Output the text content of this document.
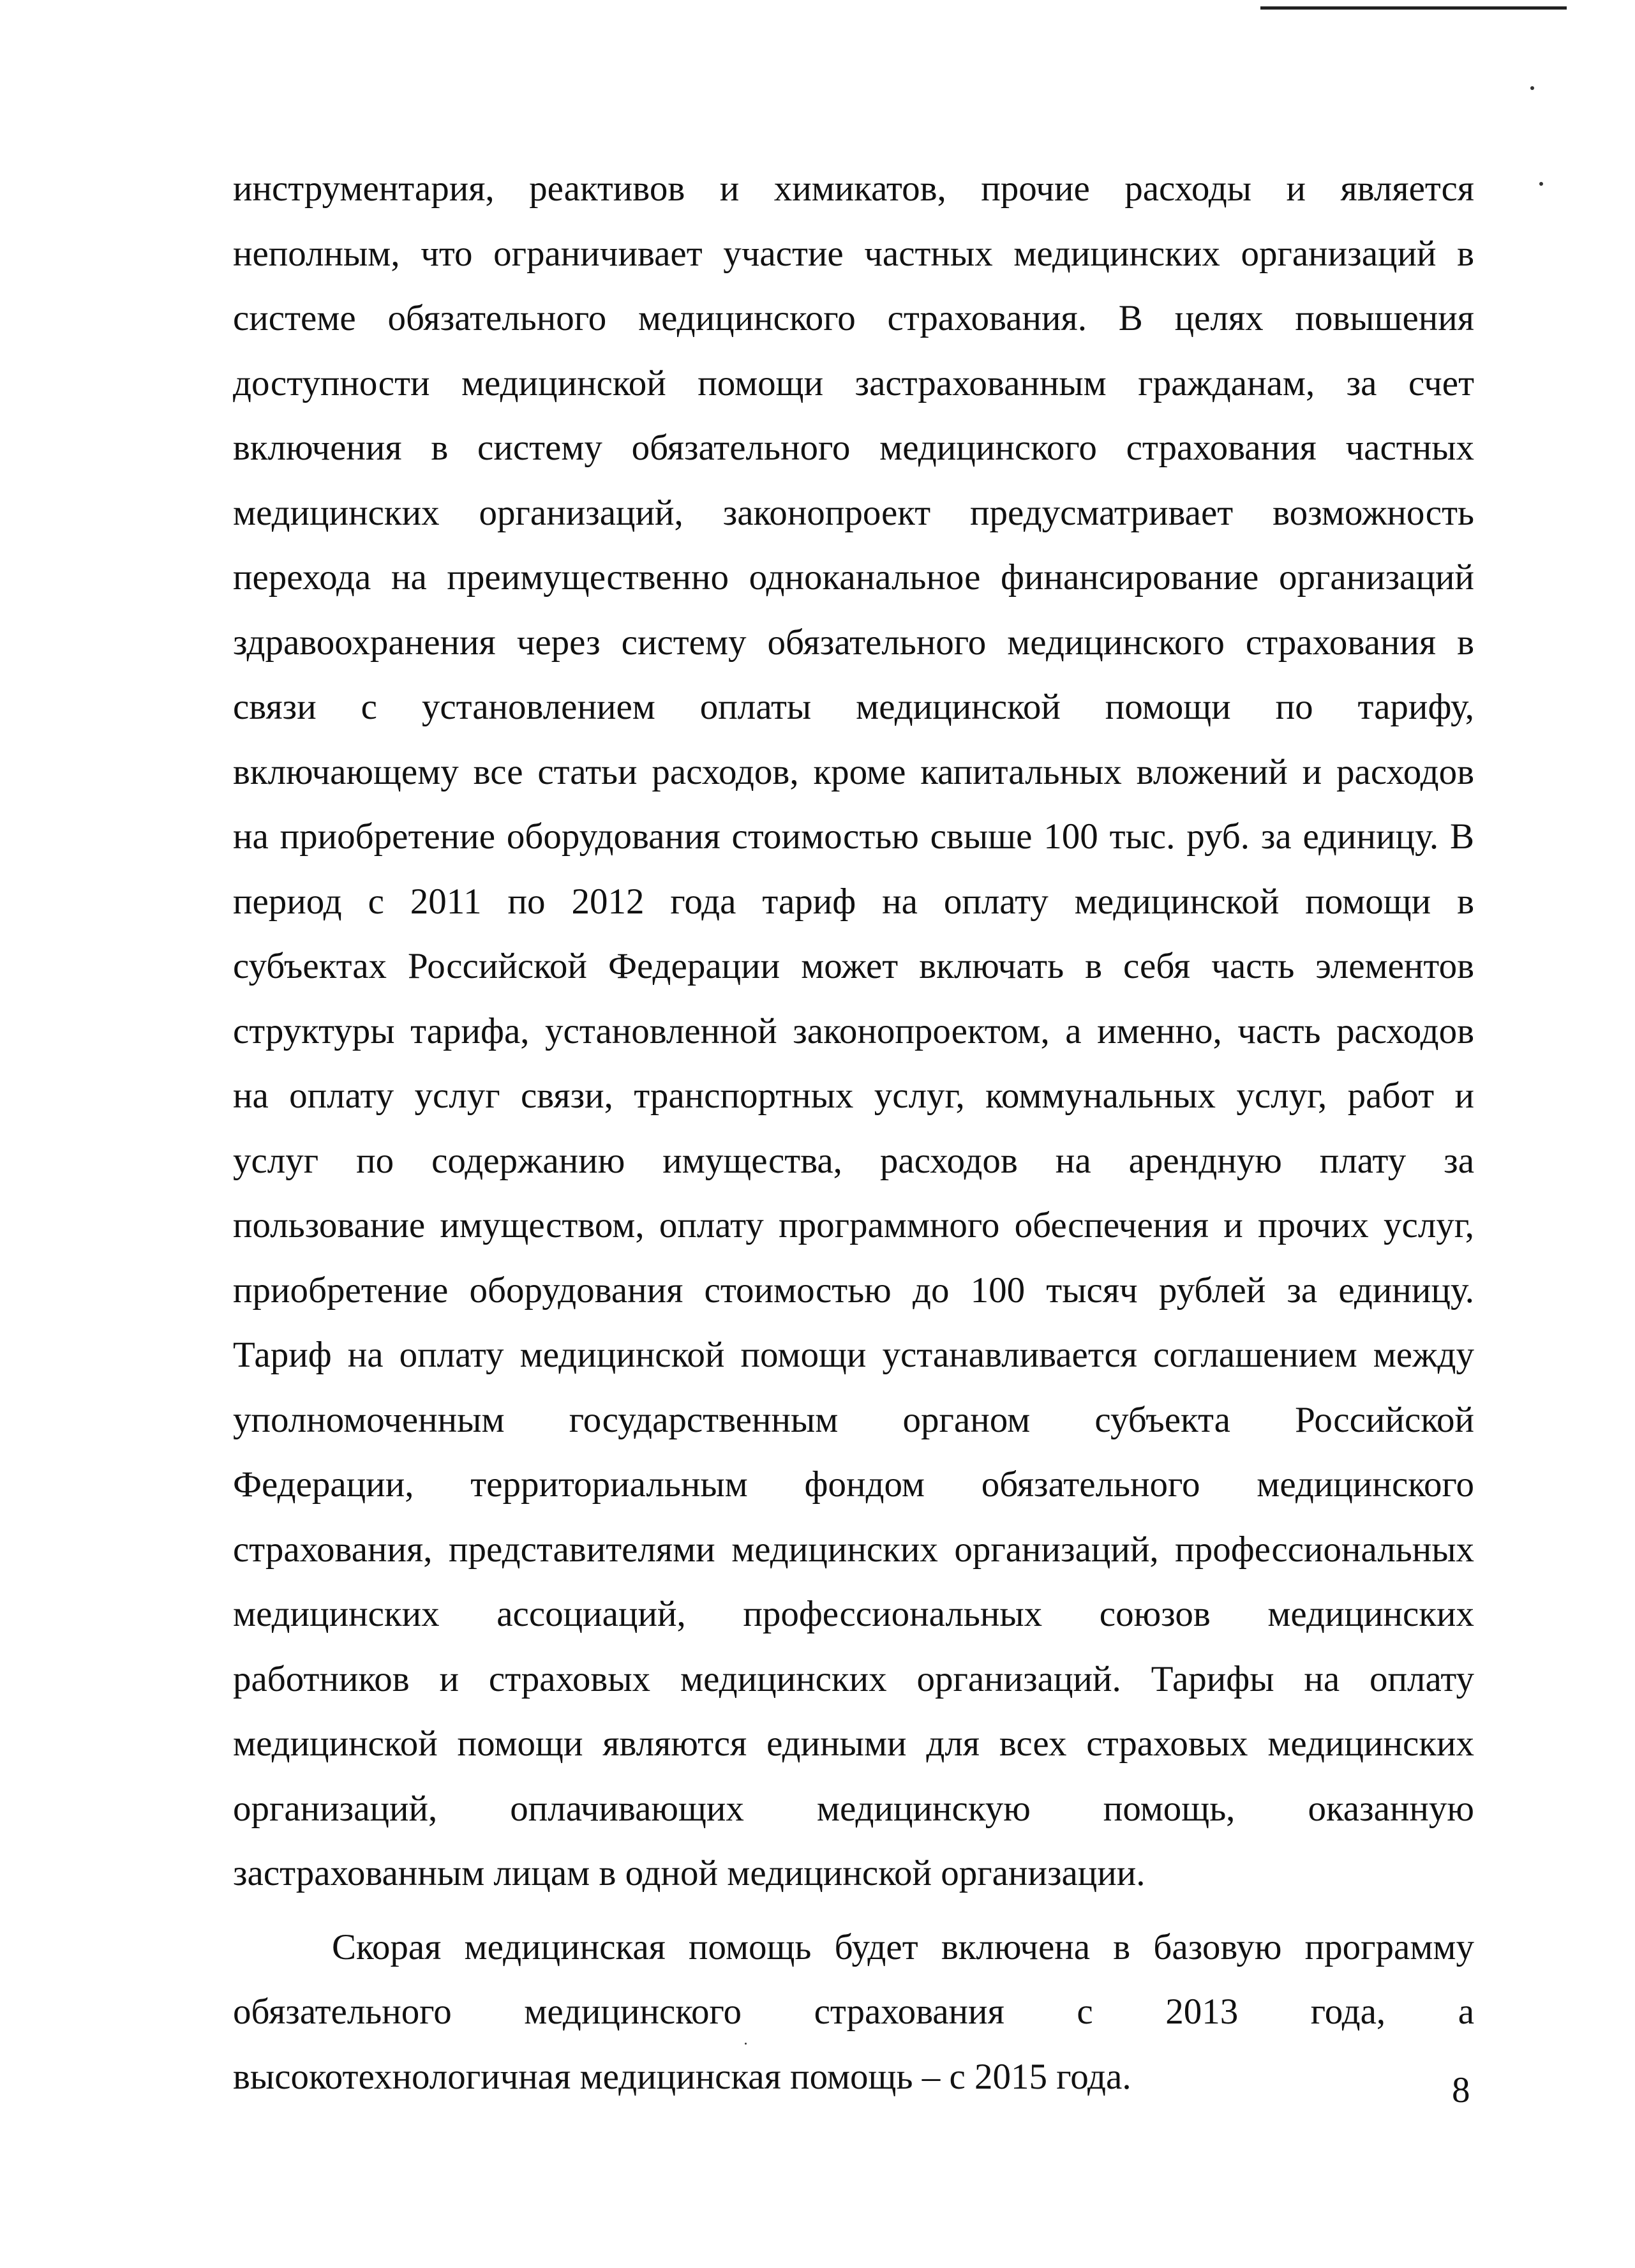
инструментария, реактивов и химикатов, прочие расходы и является
неполным, что ограничивает участие частных медицинских организаций в
системе обязательного медицинского страхования. В целях повышения
доступности медицинской помощи застрахованным гражданам, за счет
включения в систему обязательного медицинского страхования частных
медицинских организаций, законопроект предусматривает возможность
перехода на преимущественно одноканальное финансирование организаций
здравоохранения через систему обязательного медицинского страхования в
связи с установлением оплаты медицинской помощи по тарифу,
включающему все статьи расходов, кроме капитальных вложений и расходов
на приобретение оборудования стоимостью свыше 100 тыс. руб. за единицу. В
период с 2011 по 2012 года тариф на оплату медицинской помощи в
субъектах Российской Федерации может включать в себя часть элементов
структуры тарифа, установленной законопроектом, а именно, часть расходов
на оплату услуг связи, транспортных услуг, коммунальных услуг, работ и
услуг по содержанию имущества, расходов на арендную плату за
пользование имуществом, оплату программного обеспечения и прочих услуг,
приобретение оборудования стоимостью до 100 тысяч рублей за единицу.
Тариф на оплату медицинской помощи устанавливается соглашением между
уполномоченным государственным органом субъекта Российской
Федерации, территориальным фондом обязательного медицинского
страхования, представителями медицинских организаций, профессиональных
медицинских ассоциаций, профессиональных союзов медицинских
работников и страховых медицинских организаций. Тарифы на оплату
медицинской помощи являются едиными для всех страховых медицинских
организаций, оплачивающих медицинскую помощь, оказанную
застрахованным лицам в одной медицинской организации.

Скорая медицинская помощь будет включена в базовую программу
обязательного медицинского страхования с 2013 года, а
высокотехнологичная медицинская помощь – с 2015 года.	8
